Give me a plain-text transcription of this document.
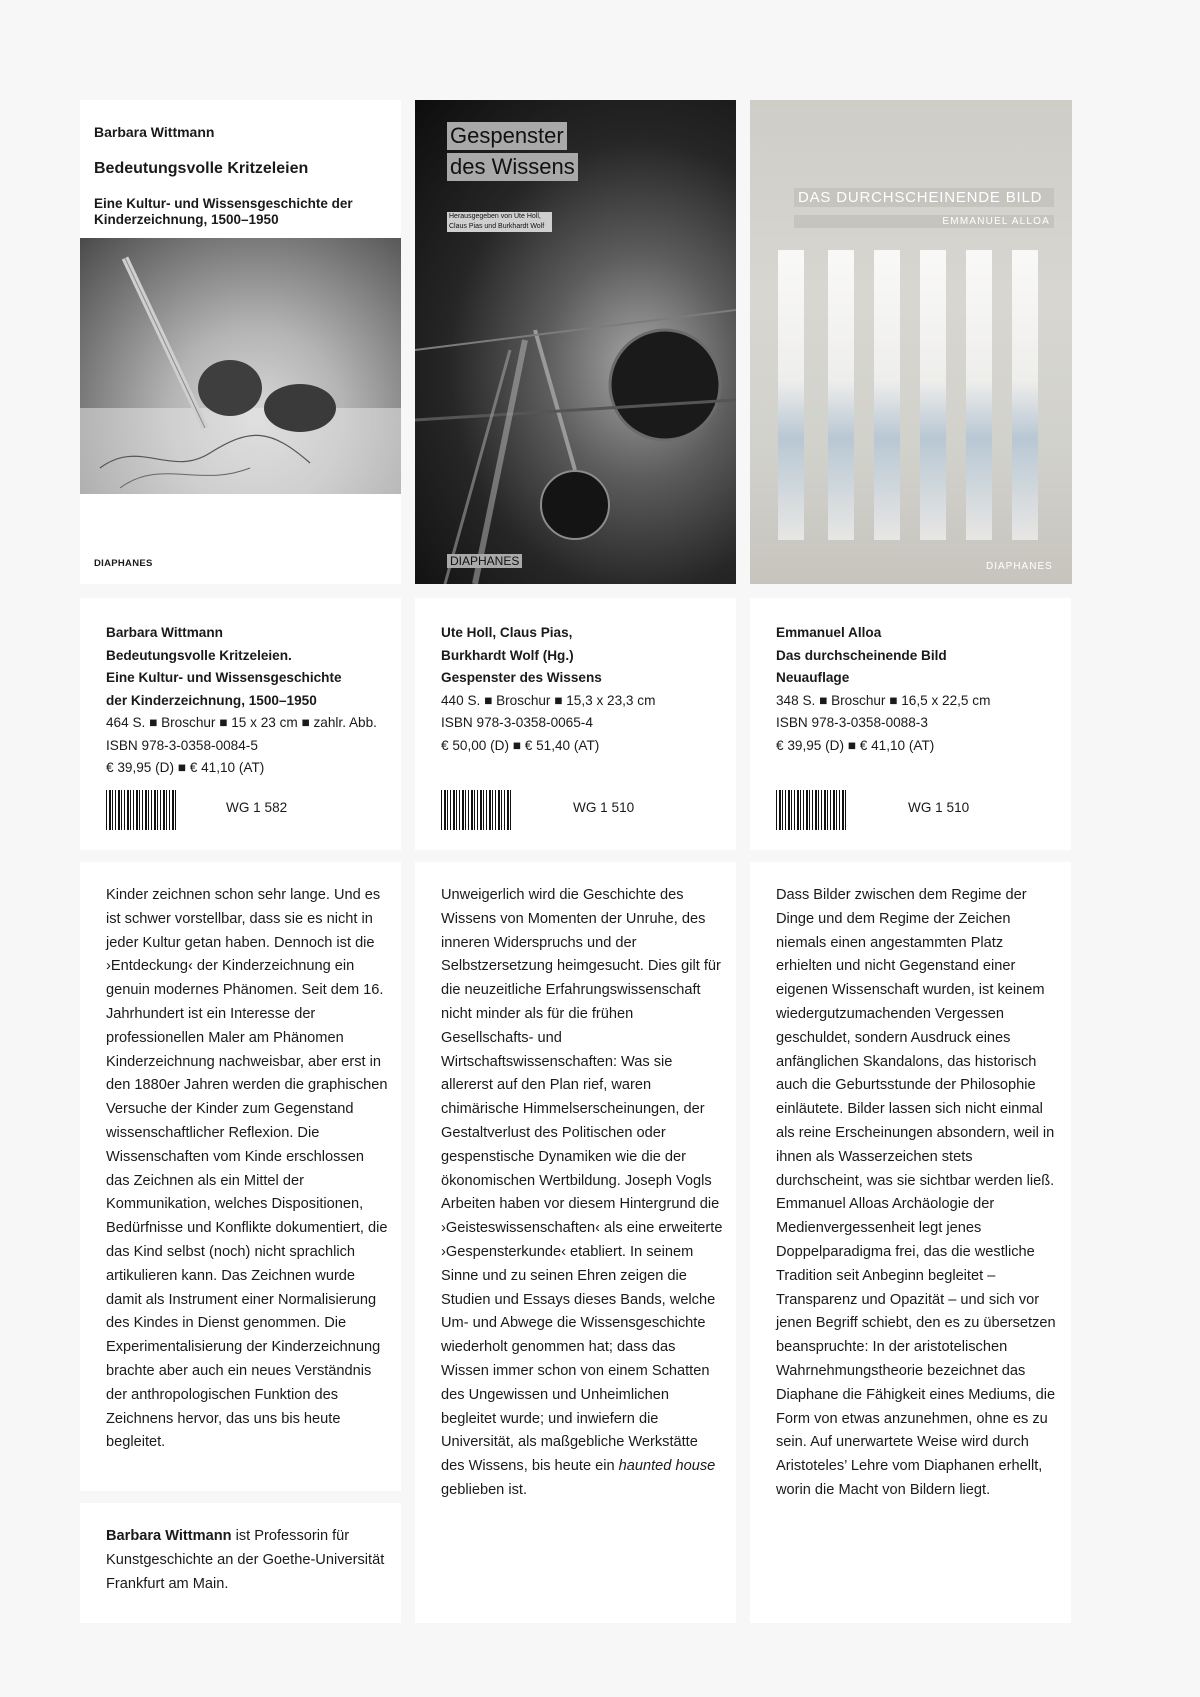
Barbara Wittmann
Bedeutungsvolle Kritzeleien
Eine Kultur- und Wissensgeschichte der Kinderzeichnung, 1500–1950
DIAPHANES
Gespenster
des Wissens
Herausgegeben von Ute Holl,
Claus Pias und Burkhardt Wolf
DIAPHANES
DAS DURCHSCHEINENDE BILD
EMMANUEL ALLOA
DIAPHANES
Barbara Wittmann
Bedeutungsvolle Kritzeleien.
Eine Kultur- und Wissensgeschichte
der Kinderzeichnung, 1500–1950
464 S. ■ Broschur ■ 15 x 23 cm ■ zahlr. Abb.
ISBN 978-3-0358-0084-5
€ 39,95 (D) ■ € 41,10 (AT)
WG 1 582
Ute Holl, Claus Pias,
Burkhardt Wolf (Hg.)
Gespenster des Wissens
440 S. ■ Broschur ■ 15,3 x 23,3 cm
ISBN 978-3-0358-0065-4
€ 50,00 (D) ■ € 51,40 (AT)
WG 1 510
Emmanuel Alloa
Das durchscheinende Bild
Neuauflage
348 S. ■ Broschur ■ 16,5 x 22,5 cm
ISBN 978-3-0358-0088-3
€ 39,95 (D) ■ € 41,10 (AT)
WG 1 510

Kinder zeichnen schon sehr lange. Und es ist schwer vorstellbar, dass sie es nicht in jeder Kultur getan haben. Dennoch ist die ›Entdeckung‹ der Kinderzeichnung ein genuin modernes Phänomen. Seit dem 16. Jahrhundert ist ein Interesse der professionellen Maler am Phänomen Kinderzeichnung nachweisbar, aber erst in den 1880er Jahren werden die graphischen Versuche der Kinder zum Gegenstand wissenschaftlicher Reflexion. Die Wissenschaften vom Kinde erschlossen das Zeichnen als ein Mittel der Kommunikation, welches Dispositionen, Bedürfnisse und Konflikte dokumentiert, die das Kind selbst (noch) nicht sprachlich artikulieren kann. Das Zeichnen wurde damit als Instrument einer Normalisierung des Kindes in Dienst genommen. Die Experimentalisierung der Kinderzeichnung brachte aber auch ein neues Verständnis der anthropologischen Funktion des Zeichnens hervor, das uns bis heute begleitet.

Barbara Wittmann ist Professorin für Kunstgeschichte an der Goethe-Universität Frankfurt am Main.

Unweigerlich wird die Geschichte des Wissens von Momenten der Unruhe, des inneren Widerspruchs und der Selbstzersetzung heimgesucht. Dies gilt für die neuzeitliche Erfahrungswissenschaft nicht minder als für die frühen Gesellschafts- und Wirtschaftswissenschaften: Was sie allererst auf den Plan rief, waren chimärische Himmelserscheinungen, der Gestaltverlust des Politischen oder gespenstische Dynamiken wie die der ökonomischen Wertbildung. Joseph Vogls Arbeiten haben vor diesem Hintergrund die ›Geisteswissenschaften‹ als eine erweiterte ›Gespensterkunde‹ etabliert. In seinem Sinne und zu seinen Ehren zeigen die Studien und Essays dieses Bands, welche Um- und Abwege die Wissensgeschichte wiederholt genommen hat; dass das Wissen immer schon von einem Schatten des Ungewissen und Unheimlichen begleitet wurde; und inwiefern die Universität, als maßgebliche Werkstätte des Wissens, bis heute ein haunted house geblieben ist.

Dass Bilder zwischen dem Regime der Dinge und dem Regime der Zeichen niemals einen angestammten Platz erhielten und nicht Gegenstand einer eigenen Wissenschaft wurden, ist keinem wiedergutzumachenden Vergessen geschuldet, sondern Ausdruck eines anfänglichen Skandalons, das historisch auch die Geburtsstunde der Philosophie einläutete. Bilder lassen sich nicht einmal als reine Erscheinungen absondern, weil in ihnen als Wasserzeichen stets durchscheint, was sie sichtbar werden ließ.
Emmanuel Alloas Archäologie der Medienvergessenheit legt jenes Doppelparadigma frei, das die westliche Tradition seit Anbeginn begleitet – Transparenz und Opazität – und sich vor jenen Begriff schiebt, den es zu übersetzen beanspruchte: In der aristotelischen Wahrnehmungstheorie bezeichnet das Diaphane die Fähigkeit eines Mediums, die Form von etwas anzunehmen, ohne es zu sein. Auf unerwartete Weise wird durch Aristoteles’ Lehre vom Diaphanen erhellt, worin die Macht von Bildern liegt.
